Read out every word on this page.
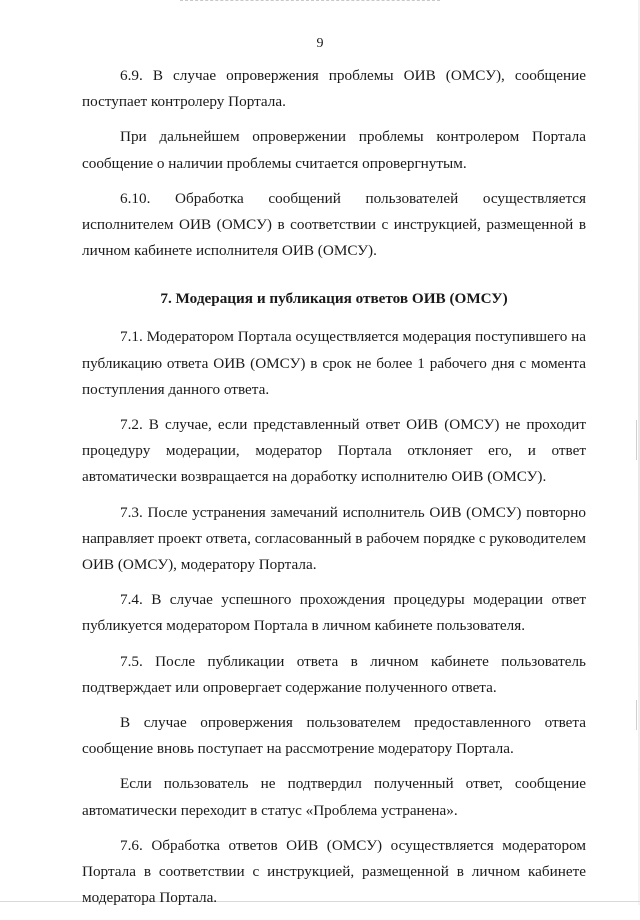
9

6.9. В случае опровержения проблемы ОИВ (ОМСУ), сообщение поступает контролеру Портала.

При дальнейшем опровержении проблемы контролером Портала сообщение о наличии проблемы считается опровергнутым.

6.10. Обработка сообщений пользователей осуществляется исполнителем ОИВ (ОМСУ) в соответствии с инструкцией, размещенной в личном кабинете исполнителя ОИВ (ОМСУ).

7. Модерация и публикация ответов ОИВ (ОМСУ)

7.1. Модератором Портала осуществляется модерация поступившего на публикацию ответа ОИВ (ОМСУ) в срок не более 1 рабочего дня с момента поступления данного ответа.

7.2. В случае, если представленный ответ ОИВ (ОМСУ) не проходит процедуру модерации, модератор Портала отклоняет его, и ответ автоматически возвращается на доработку исполнителю ОИВ (ОМСУ).

7.3. После устранения замечаний исполнитель ОИВ (ОМСУ) повторно направляет проект ответа, согласованный в рабочем порядке с руководителем ОИВ (ОМСУ), модератору Портала.

7.4. В случае успешного прохождения процедуры модерации ответ публикуется модератором Портала в личном кабинете пользователя.

7.5. После публикации ответа в личном кабинете пользователь подтверждает или опровергает содержание полученного ответа.

В случае опровержения пользователем предоставленного ответа сообщение вновь поступает на рассмотрение модератору Портала.

Если пользователь не подтвердил полученный ответ, сообщение автоматически переходит в статус «Проблема устранена».

7.6. Обработка ответов ОИВ (ОМСУ) осуществляется модератором Портала в соответствии с инструкцией, размещенной в личном кабинете модератора Портала.
